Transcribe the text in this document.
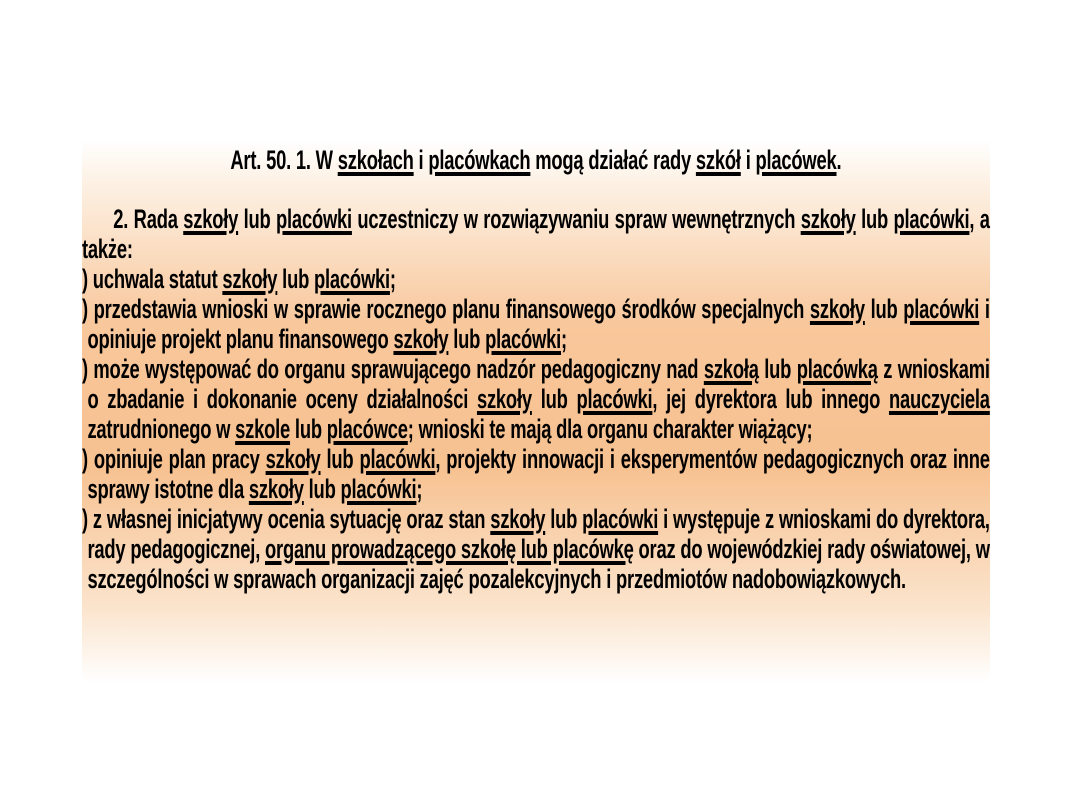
Art. 50. 1. W szkołach i placówkach mogą działać rady szkół i placówek.

2. Rada szkoły lub placówki uczestniczy w rozwiązywaniu spraw wewnętrznych szkoły lub placówki, a także:

) uchwala statut szkoły lub placówki;

) przedstawia wnioski w sprawie rocznego planu finansowego środków specjalnych szkoły lub placówki i opiniuje projekt planu finansowego szkoły lub placówki;

) może występować do organu sprawującego nadzór pedagogiczny nad szkołą lub placówką z wnioskami o zbadanie i dokonanie oceny działalności szkoły lub placówki, jej dyrektora lub innego nauczyciela zatrudnionego w szkole lub placówce; wnioski te mają dla organu charakter wiążący;

) opiniuje plan pracy szkoły lub placówki, projekty innowacji i eksperymentów pedagogicznych oraz inne sprawy istotne dla szkoły lub placówki;

) z własnej inicjatywy ocenia sytuację oraz stan szkoły lub placówki i występuje z wnioskami do dyrektora, rady pedagogicznej, organu prowadzącego szkołę lub placówkę oraz do wojewódzkiej rady oświatowej, w szczególności w sprawach organizacji zajęć pozalekcyjnych i przedmiotów nadobowiązkowych.
